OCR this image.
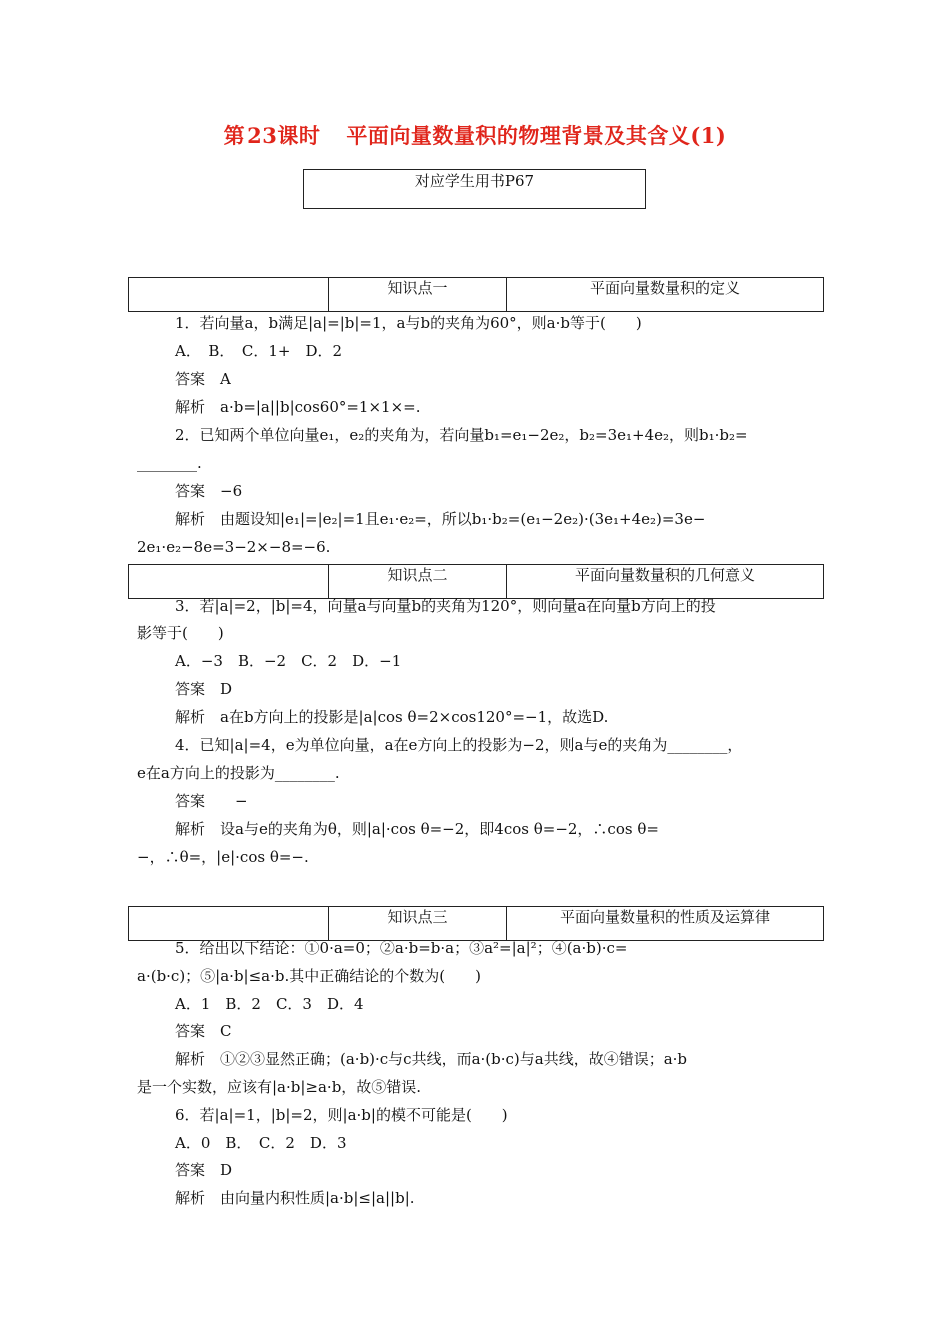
第23课时 平面向量数量积的物理背景及其含义(1)
对应学生用书P67
知识点一	平面向量数量积的定义
1．若向量a，b满足|a|=|b|=1，a与b的夹角为60°，则a·b等于(　　)
A．　B．　C．1+　D．2
答案　A
解析　a·b=|a||b|cos60°=1×1×=.
2．已知两个单位向量e₁，e₂的夹角为，若向量b₁=e₁−2e₂，b₂=3e₁+4e₂，则b₁·b₂=
________.
答案　−6
解析　由题设知|e₁|=|e₂|=1且e₁·e₂=，所以b₁·b₂=(e₁−2e₂)·(3e₁+4e₂)=3e−
2e₁·e₂−8e=3−2×−8=−6.
知识点二	平面向量数量积的几何意义
3．若|a|=2，|b|=4，向量a与向量b的夹角为120°，则向量a在向量b方向上的投
影等于(　　)
A．−3　B．−2　C．2　D．−1
答案　D
解析　a在b方向上的投影是|a|cos θ=2×cos120°=−1，故选D.
4．已知|a|=4，e为单位向量，a在e方向上的投影为−2，则a与e的夹角为________，
e在a方向上的投影为________.
答案　　−
解析　设a与e的夹角为θ，则|a|·cos θ=−2，即4cos θ=−2，∴cos θ=
−，∴θ=，|e|·cos θ=−.
知识点三	平面向量数量积的性质及运算律
5．给出以下结论：①0·a=0；②a·b=b·a；③a²=|a|²；④(a·b)·c=
a·(b·c)；⑤|a·b|≤a·b.其中正确结论的个数为(　　)
A．1　B．2　C．3　D．4
答案　C
解析　①②③显然正确；(a·b)·c与c共线，而a·(b·c)与a共线，故④错误；a·b
是一个实数，应该有|a·b|≥a·b，故⑤错误.
6．若|a|=1，|b|=2，则|a·b|的模不可能是(　　)
A．0　B．　C．2　D．3
答案　D
解析　由向量内积性质|a·b|≤|a||b|.
